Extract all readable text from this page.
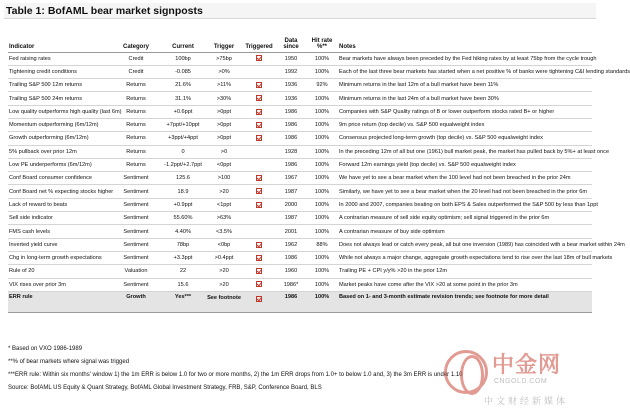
Table 1: BofAML bear market signposts
Indicator	Category	Current	Trigger	Triggered	Data since	Hit rate %**	Notes
Fed raising rates	Credit	100bp	>75bp		1950	100%	Bear markets have always been preceded by the Fed hiking rates by at least 75bp from the cycle trough
Tightening credit conditions	Credit	-0.085	>0%		1992	100%	Each of the last three bear markets has started when a net positive % of banks were tightening C&I lending standards
Trailing S&P 500 12m returns	Returns	21.6%	>11%		1936	92%	Minimum returns in the last 12m of a bull market have been 11%
Trailing S&P 500 24m returns	Returns	31.1%	>30%		1936	100%	Minimum returns in the last 24m of a bull market have been 30%
Low quality outperforms high quality (last 6m)	Returns	+0.6ppt	>0ppt		1986	100%	Companies with S&P Quality ratings of B or lower outperform stocks rated B+ or higher
Momentum outperforming (6m/12m)	Returns	+7ppt/+10ppt	>0ppt		1986	100%	9m price return (top decile) vs. S&P 500 equalweight index
Growth outperforming (6m/12m)	Returns	+3ppt/+4ppt	>0ppt		1986	100%	Consensus projected long-term growth (top decile) vs. S&P 500 equalweight index
5% pullback over prior 12m	Returns	0	>0		1928	100%	In the preceding 12m of all but one (1961) bull market peak, the market has pulled back by 5%+ at least once
Low PE underperforms (6m/12m)	Returns	-1.2ppt/+2.7ppt	<0ppt		1986	100%	Forward 12m earnings yield (top decile) vs. S&P 500 equalweight index
Conf Board consumer confidence	Sentiment	125.6	>100		1967	100%	We have yet to see a bear market when the 100 level had not been breached in the prior 24m
Conf Board net % expecting stocks higher	Sentiment	18.9	>20		1987	100%	Similarly, we have yet to see a bear market when the 20 level had not been breached in the prior 6m
Lack of reward to beats	Sentiment	+0.9ppt	<1ppt		2000	100%	In 2000 and 2007, companies beating on both EPS & Sales outperformed the S&P 500 by less than 1ppt
Sell side indicator	Sentiment	55.60%	>63%		1987	100%	A contrarian measure of sell side equity optimism; sell signal triggered in the prior 6m
FMS cash levels	Sentiment	4.40%	<3.5%		2001	100%	A contrarian measure of buy side optimism
Inverted yield curve	Sentiment	78bp	<0bp		1962	88%	Does not always lead or catch every peak, all but one inversion (1989) has coincided with a bear market within 24m
Chg in long-term growth expectations	Sentiment	+3.3ppt	>0.4ppt		1986	100%	While not always a major change, aggregate growth expectations tend to rise over the last 18m of bull markets
Rule of 20	Valuation	22	>20		1960	100%	Trailing PE + CPI y/y% >20 in the prior 12m
VIX rises over prior 3m	Sentiment	15.6	>20		1986*	100%	Market peaks have come after the VIX >20 at some point in the prior 3m
ERR rule	Growth	Yes***	See footnote		1986	100%	Based on 1- and 3-month estimate revision trends; see footnote for more detail

* Based on VXO 1986-1989

**% of bear markets where signal was trigged

***ERR rule: Within six months' window 1) the 1m ERR is below 1.0 for two or more months, 2) the 1m ERR drops from 1.0+ to below 1.0 and, 3) the 3m ERR is under 1.10

Source: BofAML US Equity & Quant Strategy, BofAML Global Investment Strategy, FRB, S&P, Conference Board, BLS

中金网
CNGOLD.COM
中文财经新媒体
